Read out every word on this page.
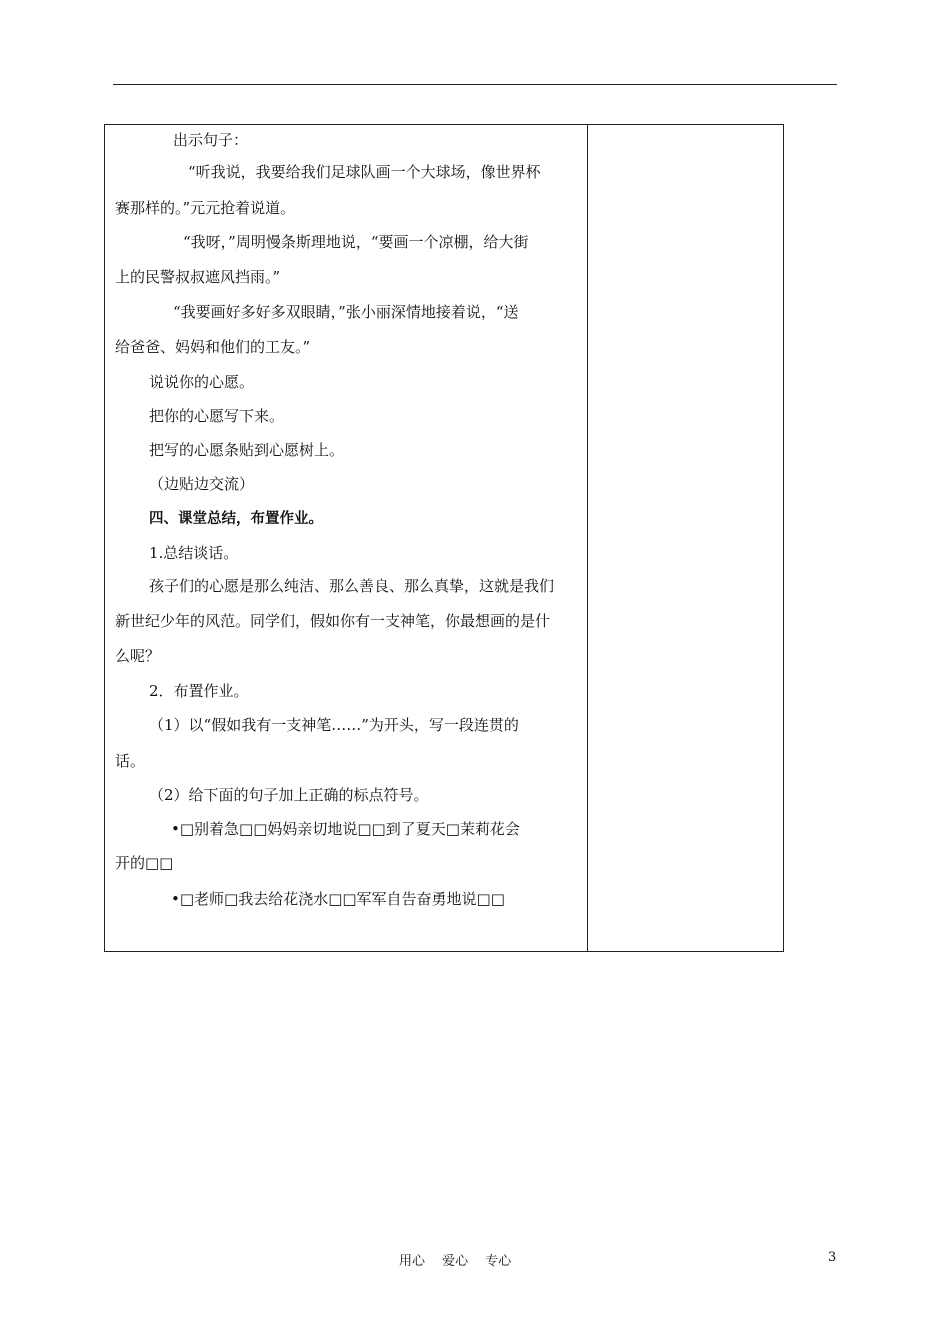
出示句子：
“听我说，我要给我们足球队画一个大球场，像世界杯
赛那样的。”元元抢着说道。
“我呀，”周明慢条斯理地说，“要画一个凉棚，给大街
上的民警叔叔遮风挡雨。”
“我要画好多好多双眼睛，”张小丽深情地接着说，“送
给爸爸、妈妈和他们的工友。”
说说你的心愿。
把你的心愿写下来。
把写的心愿条贴到心愿树上。
（边贴边交流）
四、课堂总结，布置作业。
1.总结谈话。
孩子们的心愿是那么纯洁、那么善良、那么真挚，这就是我们
新世纪少年的风范。同学们，假如你有一支神笔，你最想画的是什
么呢？
2．布置作业。
（1）以“假如我有一支神笔……”为开头，写一段连贯的
话。
（2）给下面的句子加上正确的标点符号。
•□别着急□□妈妈亲切地说□□到了夏天□茉莉花会
开的□□
•□老师□我去给花浇水□□军军自告奋勇地说□□
用心　 爱心　 专心	3
